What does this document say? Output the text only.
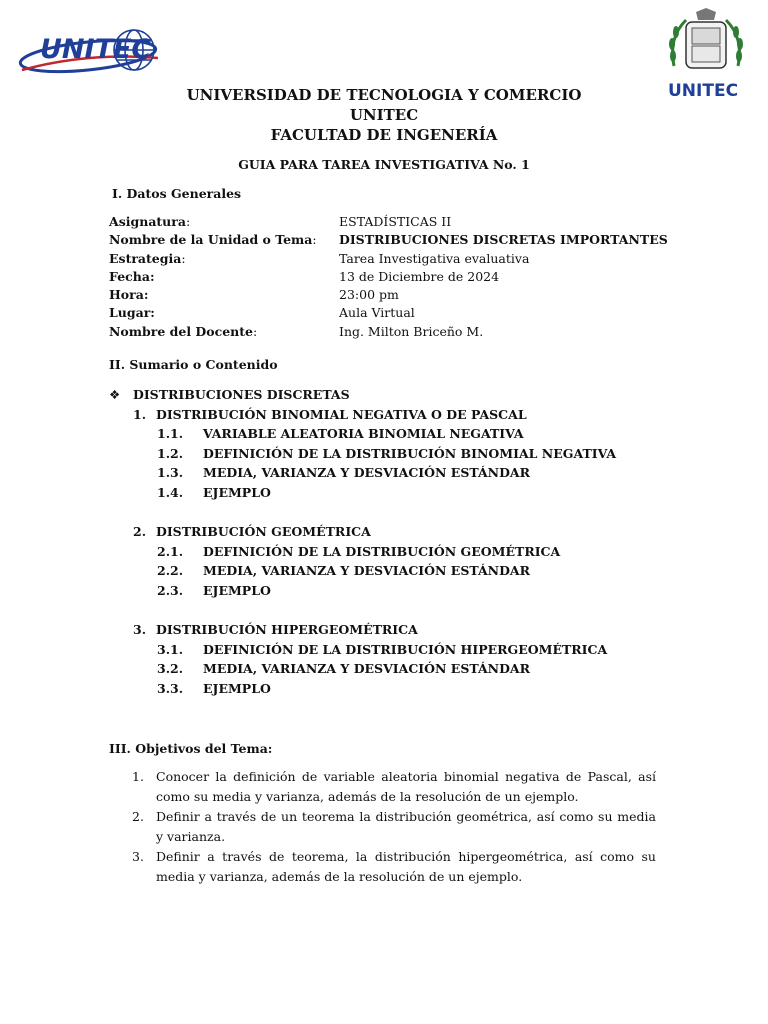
UNITEC
UNITEC
UNIVERSIDAD DE TECNOLOGIA Y COMERCIO
UNITEC
FACULTAD DE INGENERÍA
GUIA PARA TAREA INVESTIGATIVA No. 1
I. Datos Generales
Asignatura:	ESTADÍSTICAS II
Nombre de la Unidad o Tema: DISTRIBUCIONES DISCRETAS IMPORTANTES
Estrategia:	Tarea Investigativa evaluativa
Fecha:	13 de Diciembre de 2024
Hora:	23:00 pm
Lugar:	Aula Virtual
Nombre del Docente:	Ing. Milton Briceño M.
II. Sumario o Contenido
❖ DISTRIBUCIONES DISCRETAS
1. DISTRIBUCIÓN BINOMIAL NEGATIVA O DE PASCAL
1.1. VARIABLE ALEATORIA BINOMIAL NEGATIVA
1.2. DEFINICIÓN DE LA DISTRIBUCIÓN BINOMIAL NEGATIVA
1.3. MEDIA, VARIANZA Y DESVIACIÓN ESTÁNDAR
1.4. EJEMPLO
2. DISTRIBUCIÓN GEOMÉTRICA
2.1. DEFINICIÓN DE LA DISTRIBUCIÓN GEOMÉTRICA
2.2. MEDIA, VARIANZA Y DESVIACIÓN ESTÁNDAR
2.3. EJEMPLO
3. DISTRIBUCIÓN HIPERGEOMÉTRICA
3.1. DEFINICIÓN DE LA DISTRIBUCIÓN HIPERGEOMÉTRICA
3.2. MEDIA, VARIANZA Y DESVIACIÓN ESTÁNDAR
3.3. EJEMPLO
III. Objetivos del Tema:
1. Conocer la definición de variable aleatoria binomial negativa de Pascal, así como su media y varianza, además de la resolución de un ejemplo.
2. Definir a través de un teorema la distribución geométrica, así como su media y varianza.
3. Definir a través de teorema, la distribución hipergeométrica, así como su media y varianza, además de la resolución de un ejemplo.
